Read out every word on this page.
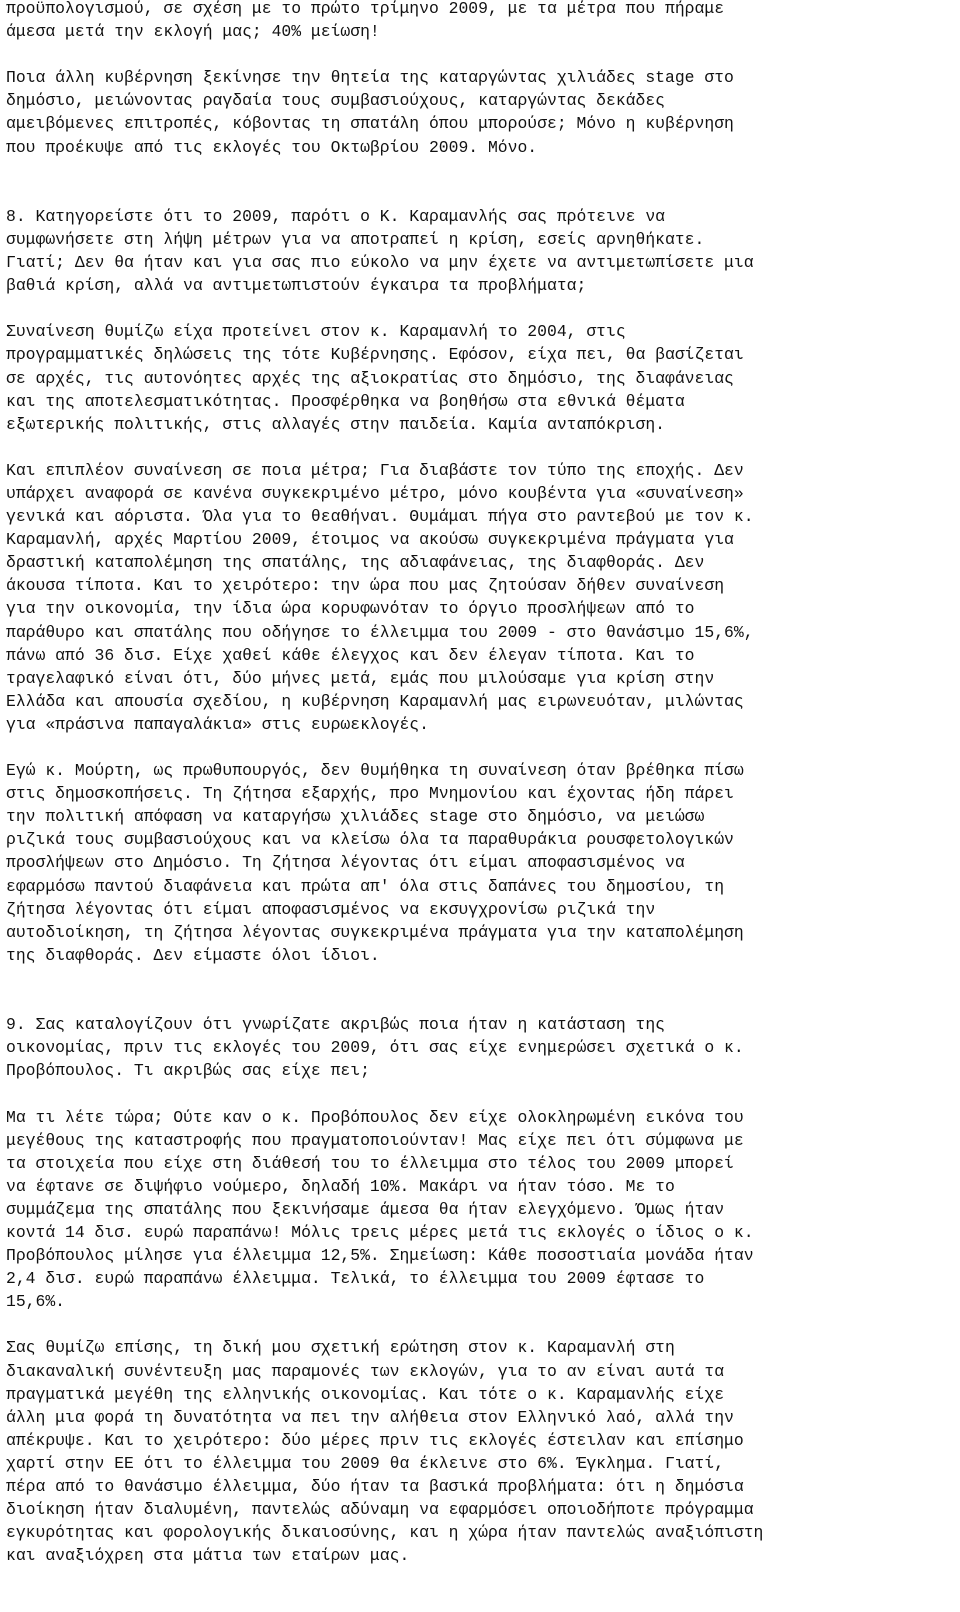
προϋπολογισμού, σε σχέση με το πρώτο τρίμηνο 2009, με τα μέτρα που πήραμε
άμεσα μετά την εκλογή μας; 40% μείωση!

Ποια άλλη κυβέρνηση ξεκίνησε την θητεία της καταργώντας χιλιάδες stage στο
δημόσιο, μειώνοντας ραγδαία τους συμβασιούχους, καταργώντας δεκάδες
αμειβόμενες επιτροπές, κόβοντας τη σπατάλη όπου μπορούσε; Μόνο η κυβέρνηση
που προέκυψε από τις εκλογές του Οκτωβρίου 2009. Μόνο.

8. Κατηγορείστε ότι το 2009, παρότι ο Κ. Καραμανλής σας πρότεινε να
συμφωνήσετε στη λήψη μέτρων για να αποτραπεί η κρίση, εσείς αρνηθήκατε.
Γιατί; Δεν θα ήταν και για σας πιο εύκολο να μην έχετε να αντιμετωπίσετε μια
βαθιά κρίση, αλλά να αντιμετωπιστούν έγκαιρα τα προβλήματα;

Συναίνεση θυμίζω είχα προτείνει στον κ. Καραμανλή το 2004, στις
προγραμματικές δηλώσεις της τότε Κυβέρνησης. Εφόσον, είχα πει, θα βασίζεται
σε αρχές, τις αυτονόητες αρχές της αξιοκρατίας στο δημόσιο, της διαφάνειας
και της αποτελεσματικότητας. Προσφέρθηκα να βοηθήσω στα εθνικά θέματα
εξωτερικής πολιτικής, στις αλλαγές στην παιδεία. Καμία ανταπόκριση.

Και επιπλέον συναίνεση σε ποια μέτρα; Για διαβάστε τον τύπο της εποχής. Δεν
υπάρχει αναφορά σε κανένα συγκεκριμένο μέτρο, μόνο κουβέντα για «συναίνεση»
γενικά και αόριστα. Όλα για το θεαθήναι. Θυμάμαι πήγα στο ραντεβού με τον κ.
Καραμανλή, αρχές Μαρτίου 2009, έτοιμος να ακούσω συγκεκριμένα πράγματα για
δραστική καταπολέμηση της σπατάλης, της αδιαφάνειας, της διαφθοράς. Δεν
άκουσα τίποτα. Και το χειρότερο: την ώρα που μας ζητούσαν δήθεν συναίνεση
για την οικονομία, την ίδια ώρα κορυφωνόταν το όργιο προσλήψεων από το
παράθυρο και σπατάλης που οδήγησε το έλλειμμα του 2009 - στο θανάσιμο 15,6%,
πάνω από 36 δισ. Είχε χαθεί κάθε έλεγχος και δεν έλεγαν τίποτα. Και το
τραγελαφικό είναι ότι, δύο μήνες μετά, εμάς που μιλούσαμε για κρίση στην
Ελλάδα και απουσία σχεδίου, η κυβέρνηση Καραμανλή μας ειρωνευόταν, μιλώντας
για «πράσινα παπαγαλάκια» στις ευρωεκλογές.

Εγώ κ. Μούρτη, ως πρωθυπουργός, δεν θυμήθηκα τη συναίνεση όταν βρέθηκα πίσω
στις δημοσκοπήσεις. Τη ζήτησα εξαρχής, προ Μνημονίου και έχοντας ήδη πάρει
την πολιτική απόφαση να καταργήσω χιλιάδες stage στο δημόσιο, να μειώσω
ριζικά τους συμβασιούχους και να κλείσω όλα τα παραθυράκια ρουσφετολογικών
προσλήψεων στο Δημόσιο. Τη ζήτησα λέγοντας ότι είμαι αποφασισμένος να
εφαρμόσω παντού διαφάνεια και πρώτα απ' όλα στις δαπάνες του δημοσίου, τη
ζήτησα λέγοντας ότι είμαι αποφασισμένος να εκσυγχρονίσω ριζικά την
αυτοδιοίκηση, τη ζήτησα λέγοντας συγκεκριμένα πράγματα για την καταπολέμηση
της διαφθοράς. Δεν είμαστε όλοι ίδιοι.

9. Σας καταλογίζουν ότι γνωρίζατε ακριβώς ποια ήταν η κατάσταση της
οικονομίας, πριν τις εκλογές του 2009, ότι σας είχε ενημερώσει σχετικά ο κ.
Προβόπουλος. Τι ακριβώς σας είχε πει;

Μα τι λέτε τώρα; Ούτε καν ο κ. Προβόπουλος δεν είχε ολοκληρωμένη εικόνα του
μεγέθους της καταστροφής που πραγματοποιούνταν! Μας είχε πει ότι σύμφωνα με
τα στοιχεία που είχε στη διάθεσή του το έλλειμμα στο τέλος του 2009 μπορεί
να έφτανε σε διψήφιο νούμερο, δηλαδή 10%. Μακάρι να ήταν τόσο. Με το
συμμάζεμα της σπατάλης που ξεκινήσαμε άμεσα θα ήταν ελεγχόμενο. Όμως ήταν
κοντά 14 δισ. ευρώ παραπάνω! Μόλις τρεις μέρες μετά τις εκλογές ο ίδιος ο κ.
Προβόπουλος μίλησε για έλλειμμα 12,5%. Σημείωση: Κάθε ποσοστιαία μονάδα ήταν
2,4 δισ. ευρώ παραπάνω έλλειμμα. Τελικά, το έλλειμμα του 2009 έφτασε το
15,6%.

Σας θυμίζω επίσης, τη δική μου σχετική ερώτηση στον κ. Καραμανλή στη
διακαναλική συνέντευξη μας παραμονές των εκλογών, για το αν είναι αυτά τα
πραγματικά μεγέθη της ελληνικής οικονομίας. Και τότε ο κ. Καραμανλής είχε
άλλη μια φορά τη δυνατότητα να πει την αλήθεια στον Ελληνικό λαό, αλλά την
απέκρυψε. Και το χειρότερο: δύο μέρες πριν τις εκλογές έστειλαν και επίσημο
χαρτί στην ΕΕ ότι το έλλειμμα του 2009 θα έκλεινε στο 6%. Έγκλημα. Γιατί,
πέρα από το θανάσιμο έλλειμμα, δύο ήταν τα βασικά προβλήματα: ότι η δημόσια
διοίκηση ήταν διαλυμένη, παντελώς αδύναμη να εφαρμόσει οποιοδήποτε πρόγραμμα
εγκυρότητας και φορολογικής δικαιοσύνης, και η χώρα ήταν παντελώς αναξιόπιστη
και αναξιόχρεη στα μάτια των εταίρων μας.
